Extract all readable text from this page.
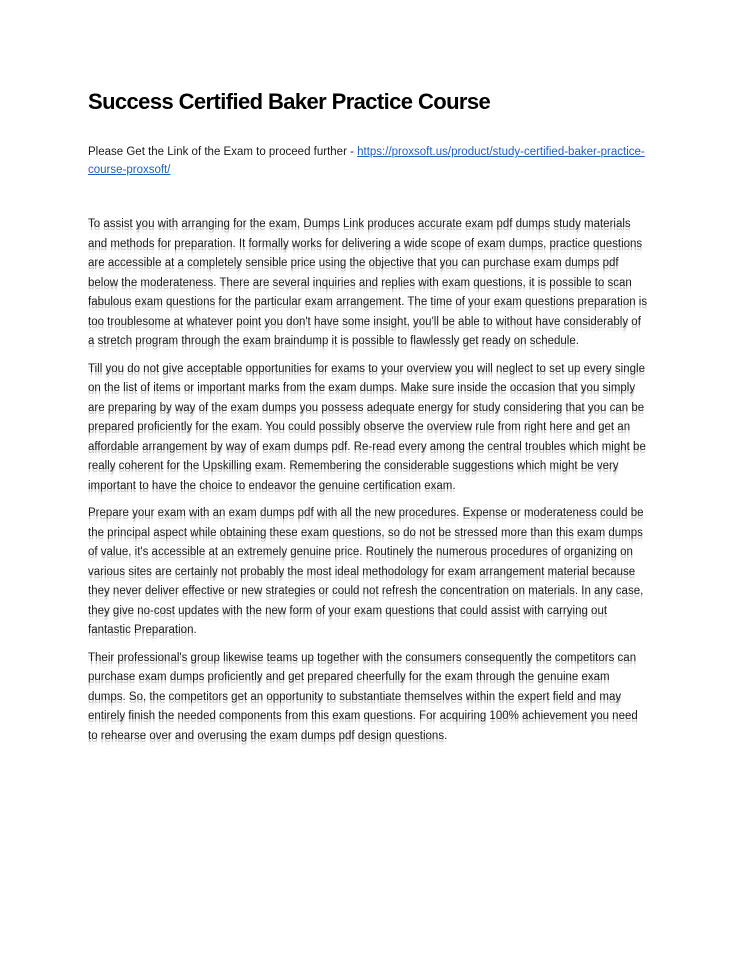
Success Certified Baker Practice Course

Please Get the Link of the Exam to proceed further - https://proxsoft.us/product/study-certified-baker-practice-course-proxsoft/

To assist you with arranging for the exam, Dumps Link produces accurate exam pdf dumps study materials and methods for preparation. It formally works for delivering a wide scope of exam dumps, practice questions are accessible at a completely sensible price using the objective that you can purchase exam dumps pdf below the moderateness. There are several inquiries and replies with exam questions, it is possible to scan fabulous exam questions for the particular exam arrangement. The time of your exam questions preparation is too troublesome at whatever point you don't have some insight, you'll be able to without have considerably of a stretch program through the exam braindump it is possible to flawlessly get ready on schedule.

Till you do not give acceptable opportunities for exams to your overview you will neglect to set up every single on the list of items or important marks from the exam dumps. Make sure inside the occasion that you simply are preparing by way of the exam dumps you possess adequate energy for study considering that you can be prepared proficiently for the exam. You could possibly observe the overview rule from right here and get an affordable arrangement by way of exam dumps pdf. Re-read every among the central troubles which might be really coherent for the Upskilling exam. Remembering the considerable suggestions which might be very important to have the choice to endeavor the genuine certification exam.

Prepare your exam with an exam dumps pdf with all the new procedures. Expense or moderateness could be the principal aspect while obtaining these exam questions, so do not be stressed more than this exam dumps of value, it's accessible at an extremely genuine price. Routinely the numerous procedures of organizing on various sites are certainly not probably the most ideal methodology for exam arrangement material because they never deliver effective or new strategies or could not refresh the concentration on materials. In any case, they give no-cost updates with the new form of your exam questions that could assist with carrying out fantastic Preparation.

Their professional's group likewise teams up together with the consumers consequently the competitors can purchase exam dumps proficiently and get prepared cheerfully for the exam through the genuine exam dumps. So, the competitors get an opportunity to substantiate themselves within the expert field and may entirely finish the needed components from this exam questions. For acquiring 100% achievement you need to rehearse over and overusing the exam dumps pdf design questions.
